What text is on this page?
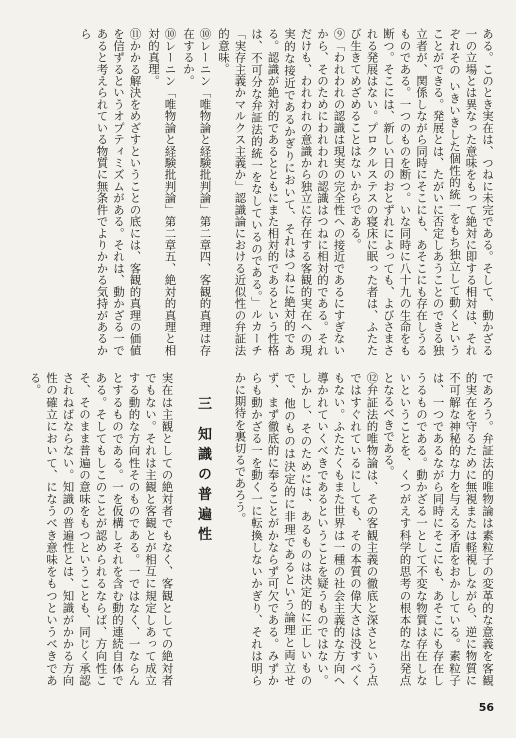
ある。このとき実在は、つねに未完である。そして、動かざる一の立場とは異なった意味をもって絶対に即する相対は、それぞれその いきいきした個性的統一をもち独立して動くということができる。発展とは、たがいに否定しあうことのできる独立者が、関係しながら同時にそこにも、あそこにも存在しうるものである。一つのものを断つ。いな同時に八十九の生命をも断つ。そこには、新しい日のおとずれによっても、よびさまされる発展はない。プロクルステスの寝床に眠った者は、ふたたび生きてめざめることはないからである。

⑨「われわれの認識は現実の完全性への接近であるにすぎないから、そのためにわれわれの認識はつねに相対的である。それだけも、われわれの意識から独立に存在する客観的実在への現実的な接近であるかぎりにおいて、それはつねに絶対的である。認識が絶対的であるとともにまた相対的であるという性格は、不可分な弁証法的統一をなしているのである。」ルカーチ「実存主義かマルクス主義か」認識論における近似性の弁証法的意味。

⑩レーニン「唯物論と経験批判論」第二章四、客観的真理は存在するか。

⑩レーニン「唯物論と経験批判論」第二章五、絶対的真理と相対的真理。

⑪かかる解決をめざすということの底には、客観的真理の価値を信ずるというオプティミズムがある。それは、動かざる一であると考えられている物質に無条件でよりかかる気持があるから

であろう。弁証法的唯物論は素粒子の変革的な意義を客観的実在を守るために無視または軽視しながら、逆に物質に不可解な神秘的な力を与える矛盾をおかしている。素粒子は、一つであるながら同時にそこにも、あそこにも存在しうるものである。動かざる一として不変な物質は存在しないということを、くつがえす科学的思考の根本的な出発点となるべきである。

⑫弁証法的唯物論は、その客観主義の徹底と深さという点ではすぐれているにしても、その本質の偉大さは没すべくもない。ふたたくもまた世界は一種の社会主義的な方向へ導かれていくべきであるということを疑うものではない。しかし、そのためには、あるものは決定的に正しいもので、他のものは決定的に非理であるという論理と両立せず、まず徹底的に奉ることがかならず可欠である。みずからも動かざる一を動く一に転換しないかぎり、それは明らかに期待を裏切るであろう。

三 知識の普遍性

実在は主観としての絶対者でもなく、客観としての絶対者でもない。それは主観と客観とが相互に規定しあって成立する動的な方向性そのものである。一ではなく、一ならんとするものである。一を仮構しそれを含む動的連続自体である。そしてもしこのことが認められるならば、方向性こそ、そのまま普遍の意味をもつということも、同じく承認されねばならない。知識の普遍性とは、知識がかかる方向性の確立において、になうべき意味をもつというべきである。

56
